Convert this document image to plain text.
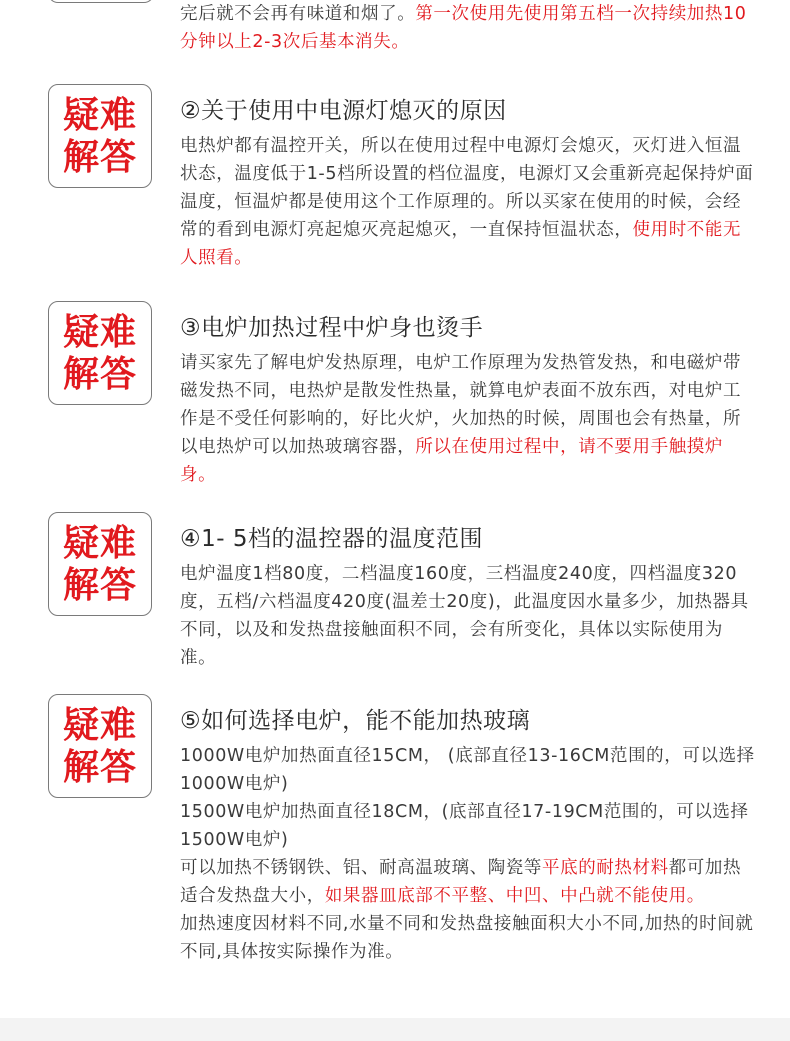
完后就不会再有味道和烟了。第一次使用先使用第五档一次持续加热10分钟以上2-3次后基本消失。
疑难
解答
②关于使用中电源灯熄灭的原因
电热炉都有温控开关，所以在使用过程中电源灯会熄灭，灭灯进入恒温状态，温度低于1-5档所设置的档位温度，电源灯又会重新亮起保持炉面温度，恒温炉都是使用这个工作原理的。所以买家在使用的时候，会经常的看到电源灯亮起熄灭亮起熄灭，一直保持恒温状态，使用时不能无人照看。
疑难
解答
③电炉加热过程中炉身也烫手
请买家先了解电炉发热原理，电炉工作原理为发热管发热，和电磁炉带磁发热不同，电热炉是散发性热量，就算电炉表面不放东西，对电炉工作是不受任何影响的，好比火炉，火加热的时候，周围也会有热量，所以电热炉可以加热玻璃容器，所以在使用过程中，请不要用手触摸炉身。
疑难
解答
④1- 5档的温控器的温度范围
电炉温度1档80度，二档温度160度，三档温度240度，四档温度320度，五档/六档温度420度(温差士20度)，此温度因水量多少，加热器具不同，以及和发热盘接触面积不同，会有所变化，具体以实际使用为准。
疑难
解答
⑤如何选择电炉，能不能加热玻璃
1000W电炉加热面直径15CM， (底部直径13-16CM范围的，可以选择1000W电炉)
1500W电炉加热面直径18CM，(底部直径17-19CM范围的，可以选择1500W电炉)
可以加热不锈钢铁、铝、耐高温玻璃、陶瓷等平底的耐热材料都可加热适合发热盘大小，如果器皿底部不平整、中凹、中凸就不能使用。
加热速度因材料不同,水量不同和发热盘接触面积大小不同,加热的时间就不同,具体按实际操作为准。
